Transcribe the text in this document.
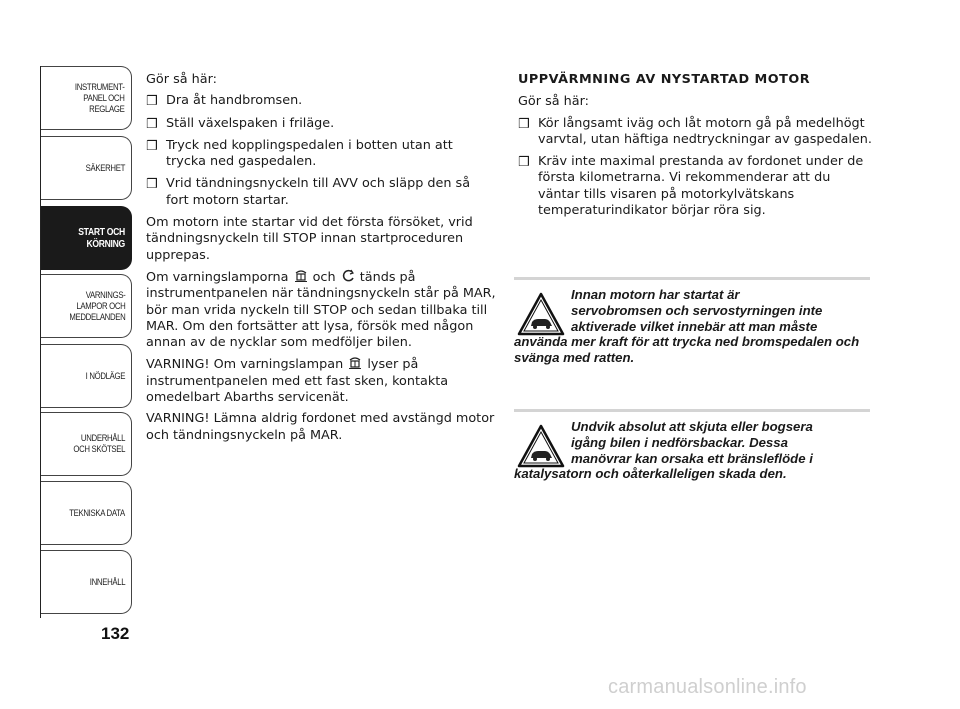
INSTRUMENT-
PANEL OCH
REGLAGE
SÄKERHET
START OCH
KÖRNING
VARNINGS-
LAMPOR OCH
MEDDELANDEN
I NÖDLÄGE
UNDERHÅLL
OCH SKÖTSEL
TEKNISKA DATA
INNEHÅLL
132

Gör så här:

❒ Dra åt handbromsen.
❒ Ställ växelspaken i friläge.
❒ Tryck ned kopplingspedalen i botten utan att trycka ned gaspedalen.
❒ Vrid tändningsnyckeln till AVV och släpp den så fort motorn startar.

Om motorn inte startar vid det första försöket, vrid tändningsnyckeln till STOP innan startproceduren upprepas.

Om varningslamporna och tänds på instrumentpanelen när tändningsnyckeln står på MAR, bör man vrida nyckeln till STOP och sedan tillbaka till MAR. Om den fortsätter att lysa, försök med någon annan av de nycklar som medföljer bilen.

VARNING! Om varningslampan lyser på instrumentpanelen med ett fast sken, kontakta omedelbart Abarths servicenät.

VARNING! Lämna aldrig fordonet med avstängd motor och tändningsnyckeln på MAR.

UPPVÄRMNING AV NYSTARTAD MOTOR

Gör så här:

❒ Kör långsamt iväg och låt motorn gå på medelhögt varvtal, utan häftiga nedtryckningar av gaspedalen.
❒ Kräv inte maximal prestanda av fordonet under de första kilometrarna. Vi rekommenderar att du väntar tills visaren på motorkylvätskans temperaturindikator börjar röra sig.
Innan motorn har startat är
servobromsen och servostyrningen inte
aktiverade vilket innebär att man måste
använda mer kraft för att trycka ned bromspedalen och svänga med ratten.
Undvik absolut att skjuta eller bogsera
igång bilen i nedförsbackar. Dessa
manövrar kan orsaka ett bränsleflöde i
katalysatorn och oåterkalleligen skada den.
carmanualsonline.info
